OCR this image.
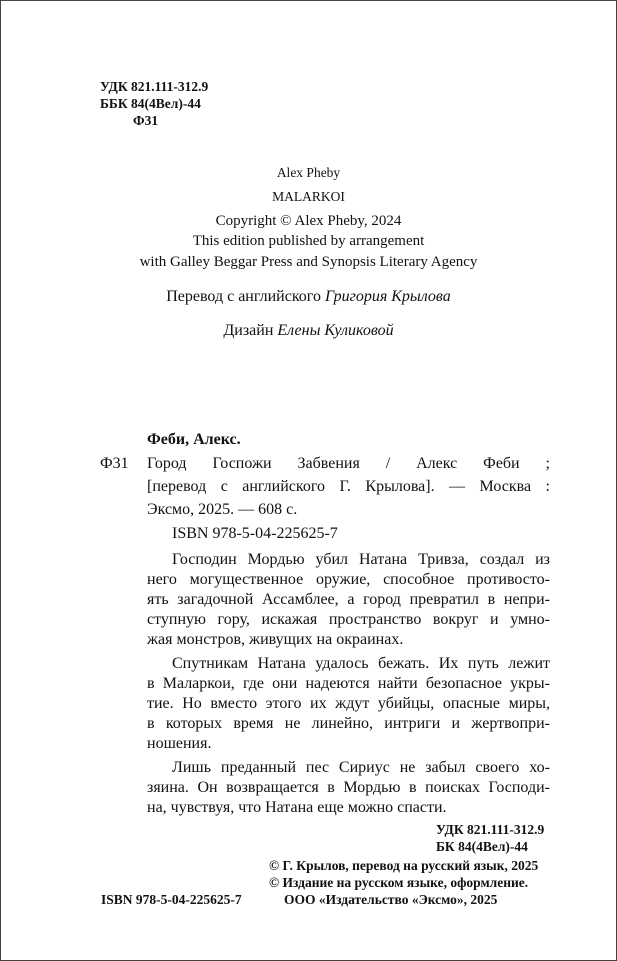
УДК 821.111-312.9
ББК 84(4Вел)-44
Ф31
Alex Pheby
MALARKOI
Copyright © Alex Pheby, 2024
This edition published by arrangement
with Galley Beggar Press and Synopsis Literary Agency
Перевод с английского Григория Крылова
Дизайн Елены Куликовой
Феби, Алекс.
Ф31 Город Госпожи Забвения / Алекс Феби ;
[перевод с английского Г. Крылова]. — Москва :
Эксмо, 2025. — 608 с.
ISBN 978-5-04-225625-7
Господин Мордью убил Натана Тривза, создал из
него могущественное оружие, способное противосто-
ять загадочной Ассамблее, а город превратил в непри-
ступную гору, искажая пространство вокруг и умно-
жая монстров, живущих на окраинах.
Спутникам Натана удалось бежать. Их путь лежит
в Маларкои, где они надеются найти безопасное укры-
тие. Но вместо этого их ждут убийцы, опасные миры,
в которых время не линейно, интриги и жертвопри-
ношения.
Лишь преданный пес Сириус не забыл своего хо-
зяина. Он возвращается в Мордью в поисках Господи-
на, чувствуя, что Натана еще можно спасти.
УДК 821.111-312.9
БК 84(4Вел)-44
ISBN 978-5-04-225625-7
© Г. Крылов, перевод на русский язык, 2025
© Издание на русском языке, оформление.
ООО «Издательство «Эксмо», 2025
